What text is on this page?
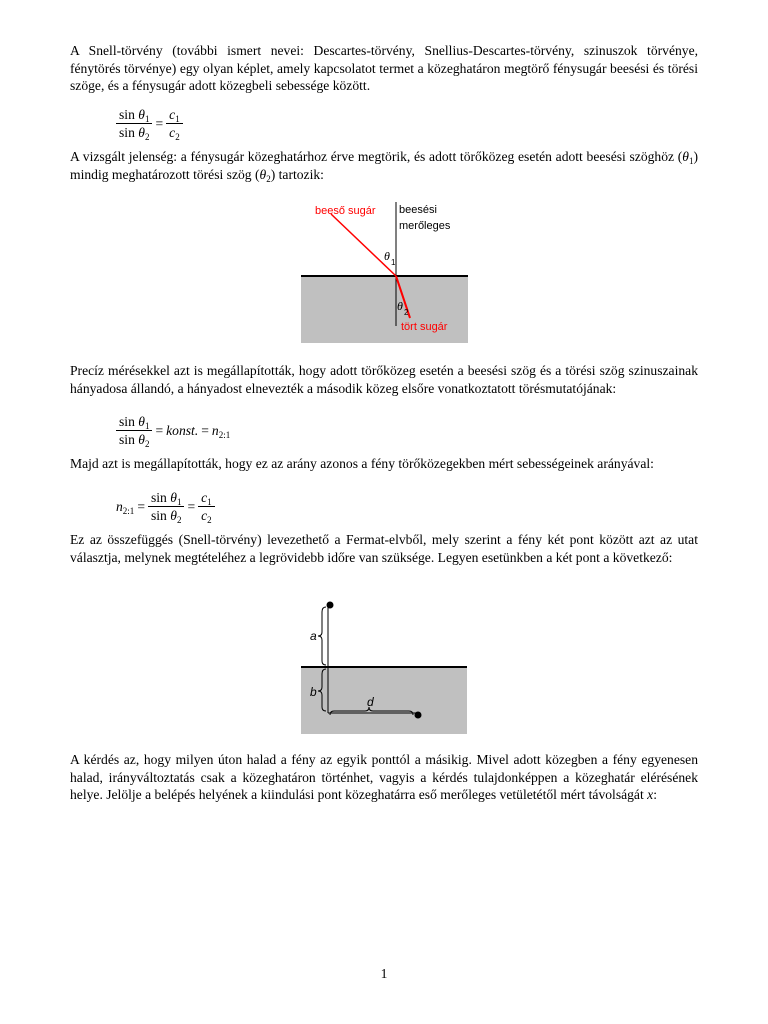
A Snell-törvény (további ismert nevei: Descartes-törvény, Snellius-Descartes-törvény, szinuszok törvénye, fénytörés törvénye) egy olyan képlet, amely kapcsolatot termet a közeghatáron megtörő fénysugár beesési és törési szöge, és a fénysugár adott közegbeli sebessége között.

$\frac{\sin \theta_1}{\sin \theta_2} = \frac{c_1}{c_2}$

A vizsgált jelenség: a fénysugár közeghatárhoz érve megtörik, és adott törőközeg esetén adott beesési szöghöz $(\theta_1)$ mindig meghatározott törési szög $(\theta_2)$ tartozik:

beeső sugár beesési
merőleges
θ 1
θ 2
tört sugár

Precíz mérésekkel azt is megállapították, hogy adott törőközeg esetén a beesési szög és a törési szög szinuszainak hányadosa állandó, a hányadost elnevezték a második közeg elsőre vonatkoztatott törésmutatójának:

$\frac{\sin \theta_1}{\sin \theta_2}$ = konst. = $n_{2:1}$

Majd azt is megállapították, hogy ez az arány azonos a fény törőközegekben mért sebességeinek arányával:

$n_{2:1} = \frac{\sin \theta_1}{\sin \theta_2} = \frac{c_1}{c_2}$

Ez az összefüggés (Snell-törvény) levezethető a Fermat-elvből, mely szerint a fény két pont között azt az utat választja, melynek megtételéhez a legrövidebb időre van szüksége. Legyen esetünkben a két pont a következő:

a
b
d

A kérdés az, hogy milyen úton halad a fény az egyik ponttól a másikig. Mivel adott közegben a fény egyenesen halad, irányváltoztatás csak a közeghatáron történhet, vagyis a kérdés tulajdonképpen a közeghatár elérésének helye. Jelölje a belépés helyének a kiindulási pont közeghatárra eső merőleges vetületétől mért távolságát x:

1
